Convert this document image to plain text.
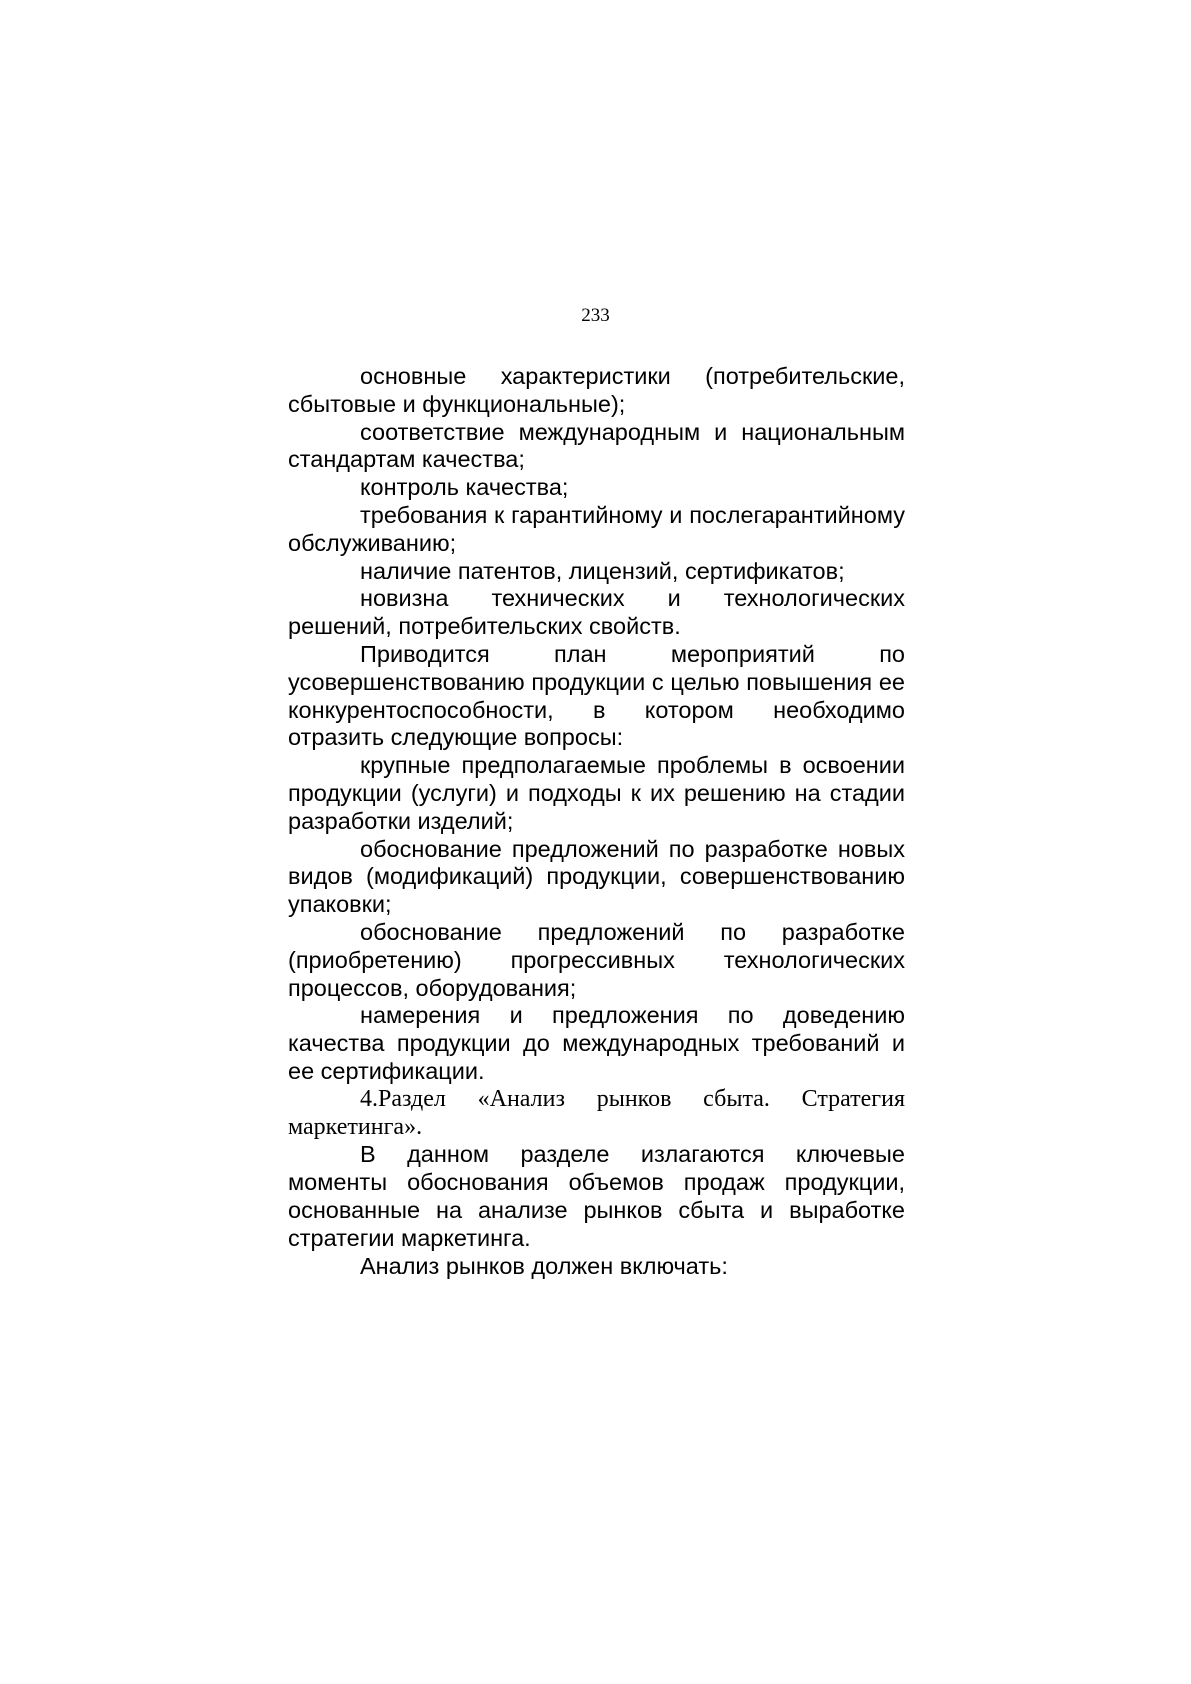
233

основные характеристики (потребительские, сбытовые и функциональные);

соответствие международным и национальным стандартам качества;

контроль качества;

требования к гарантийному и послегарантийному обслуживанию;

наличие патентов, лицензий, сертификатов;

новизна технических и технологических решений, потребительских свойств.

Приводится план мероприятий по усовершенствованию продукции с целью повышения ее конкурентоспособности, в котором необходимо отразить следующие вопросы:

крупные предполагаемые проблемы в освоении продукции (услуги) и подходы к их решению на стадии разработки изделий;

обоснование предложений по разработке новых видов (модификаций) продукции, совершенствованию упаковки;

обоснование предложений по разработке (приобретению) прогрессивных технологических процессов, оборудования;

намерения и предложения по доведению качества продукции до международных требований и ее сертификации.

4.Раздел «Анализ рынков сбыта. Стратегия маркетинга».

В данном разделе излагаются ключевые моменты обоснования объемов продаж продукции, основанные на анализе рынков сбыта и выработке стратегии маркетинга.

Анализ рынков должен включать:
